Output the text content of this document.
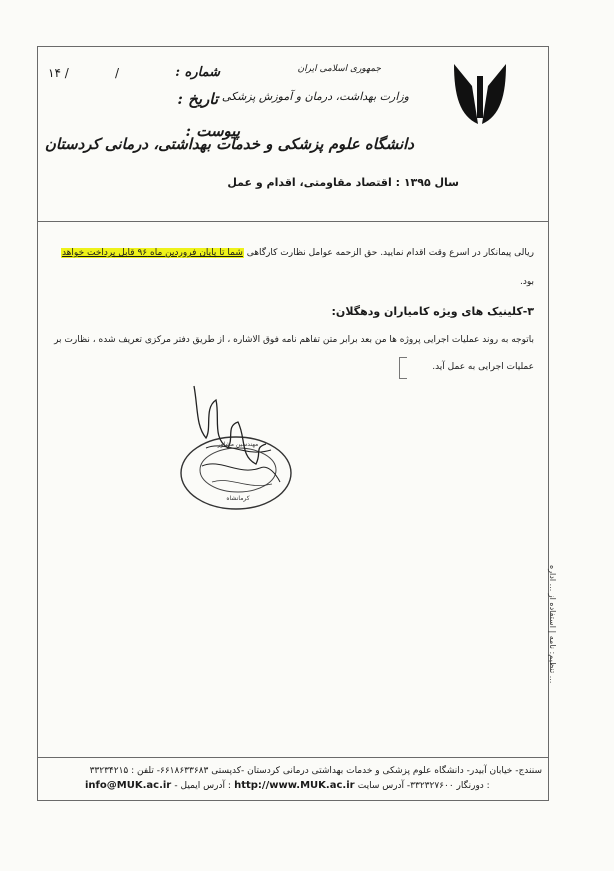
جمهوری اسلامی ایران
وزارت بهداشت، درمان و آموزش پزشکی
دانشگاه علوم پزشکی و خدمات بهداشتی، درمانی کردستان
شماره :
تاریخ :
پیوست :
۱۴ /	/
سال ۱۳۹۵ : اقتصاد مقاومتی، اقدام و عمل
ریالی پیمانکار در اسرع وقت اقدام نمایید. حق الزحمه عوامل نظارت کارگاهی شما تا پایان فروردین ماه ۹۶ قابل پرداخت خواهد
بود.
۳-کلینیک های ویژه کامیاران ودهگلان:
باتوجه به روند عملیات اجرایی پروژه ها من بعد برابر متن تفاهم نامه فوق الاشاره ، از طریق دفتر مرکزی تعریف شده ، نظارت بر
عملیات اجرایی به عمل آید.
مهندسین مشاور
کرمانشاه
تنظیم: نامه | استفاده از ... اداره ...
سنندج- خیابان آبیدر- دانشگاه علوم پزشکی و خدمات بهداشتی درمانی کردستان -کدپستی ۶۶۱۸۶۳۳۶۸۳- تلفن : ۳۳۲۳۴۲۱۵
info@MUK.ac.ir - آدرس ایمیل : http://www.MUK.ac.ir دورنگار ۳۳۲۳۲۷۶۰۰- آدرس سایت :
